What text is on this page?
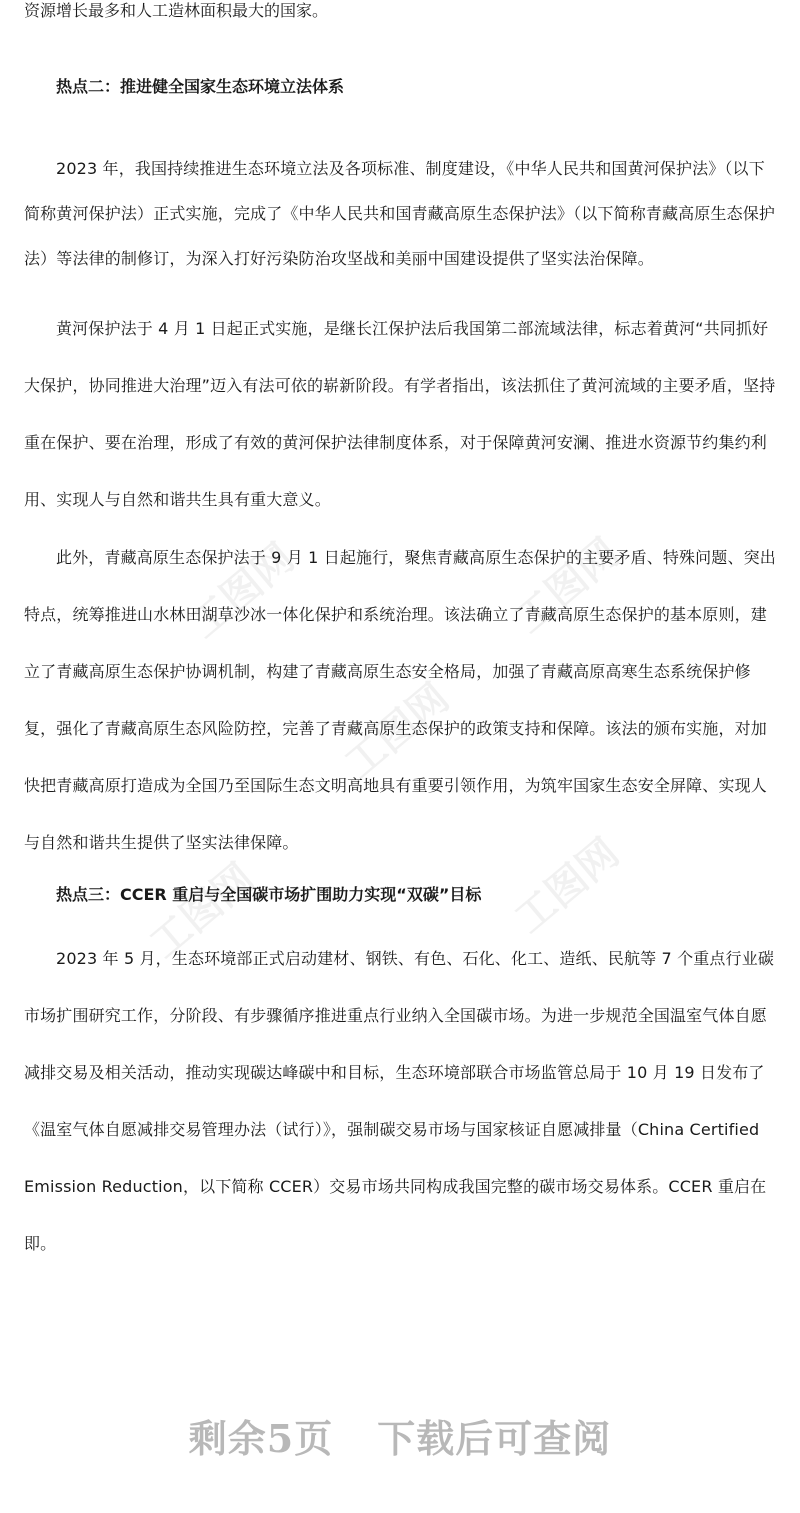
工图网	工图网
工图网
工图网	工图网

资源增长最多和人工造林面积最大的国家。

热点二：推进健全国家生态环境立法体系

2023 年，我国持续推进生态环境立法及各项标准、制度建设，《中华人民共和国黄河保护法》（以下简称黄河保护法）正式实施，完成了《中华人民共和国青藏高原生态保护法》（以下简称青藏高原生态保护法）等法律的制修订，为深入打好污染防治攻坚战和美丽中国建设提供了坚实法治保障。

黄河保护法于 4 月 1 日起正式实施，是继长江保护法后我国第二部流域法律，标志着黄河“共同抓好大保护，协同推进大治理”迈入有法可依的崭新阶段。有学者指出，该法抓住了黄河流域的主要矛盾，坚持重在保护、要在治理，形成了有效的黄河保护法律制度体系，对于保障黄河安澜、推进水资源节约集约利用、实现人与自然和谐共生具有重大意义。

此外，青藏高原生态保护法于 9 月 1 日起施行，聚焦青藏高原生态保护的主要矛盾、特殊问题、突出特点，统筹推进山水林田湖草沙冰一体化保护和系统治理。该法确立了青藏高原生态保护的基本原则，建立了青藏高原生态保护协调机制，构建了青藏高原生态安全格局，加强了青藏高原高寒生态系统保护修复，强化了青藏高原生态风险防控，完善了青藏高原生态保护的政策支持和保障。该法的颁布实施，对加快把青藏高原打造成为全国乃至国际生态文明高地具有重要引领作用，为筑牢国家生态安全屏障、实现人与自然和谐共生提供了坚实法律保障。

热点三：CCER 重启与全国碳市场扩围助力实现“双碳”目标

2023 年 5 月，生态环境部正式启动建材、钢铁、有色、石化、化工、造纸、民航等 7 个重点行业碳市场扩围研究工作，分阶段、有步骤循序推进重点行业纳入全国碳市场。为进一步规范全国温室气体自愿减排交易及相关活动，推动实现碳达峰碳中和目标，生态环境部联合市场监管总局于 10 月 19 日发布了《温室气体自愿减排交易管理办法（试行）》，强制碳交易市场与国家核证自愿减排量（China Certified Emission Reduction，以下简称 CCER）交易市场共同构成我国完整的碳市场交易体系。CCER 重启在即。

剩余5页 下载后可查阅
